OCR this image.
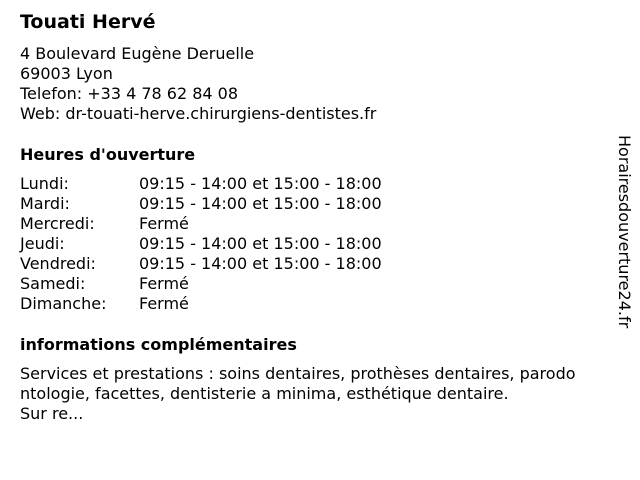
Touati Hervé
4 Boulevard Eugène Deruelle
69003 Lyon
Telefon: +33 4 78 62 84 08
Web: dr-touati-herve.chirurgiens-dentistes.fr
Heures d'ouverture
Lundi:	09:15 - 14:00 et 15:00 - 18:00
Mardi:	09:15 - 14:00 et 15:00 - 18:00
Mercredi:	Fermé
Jeudi:	09:15 - 14:00 et 15:00 - 18:00
Vendredi:	09:15 - 14:00 et 15:00 - 18:00
Samedi:	Fermé
Dimanche: Fermé
informations complémentaires
Services et prestations : soins dentaires, prothèses dentaires, parodo
ntologie, facettes, dentisterie a minima, esthétique dentaire.
Sur re...
Horairesdouverture24.fr
